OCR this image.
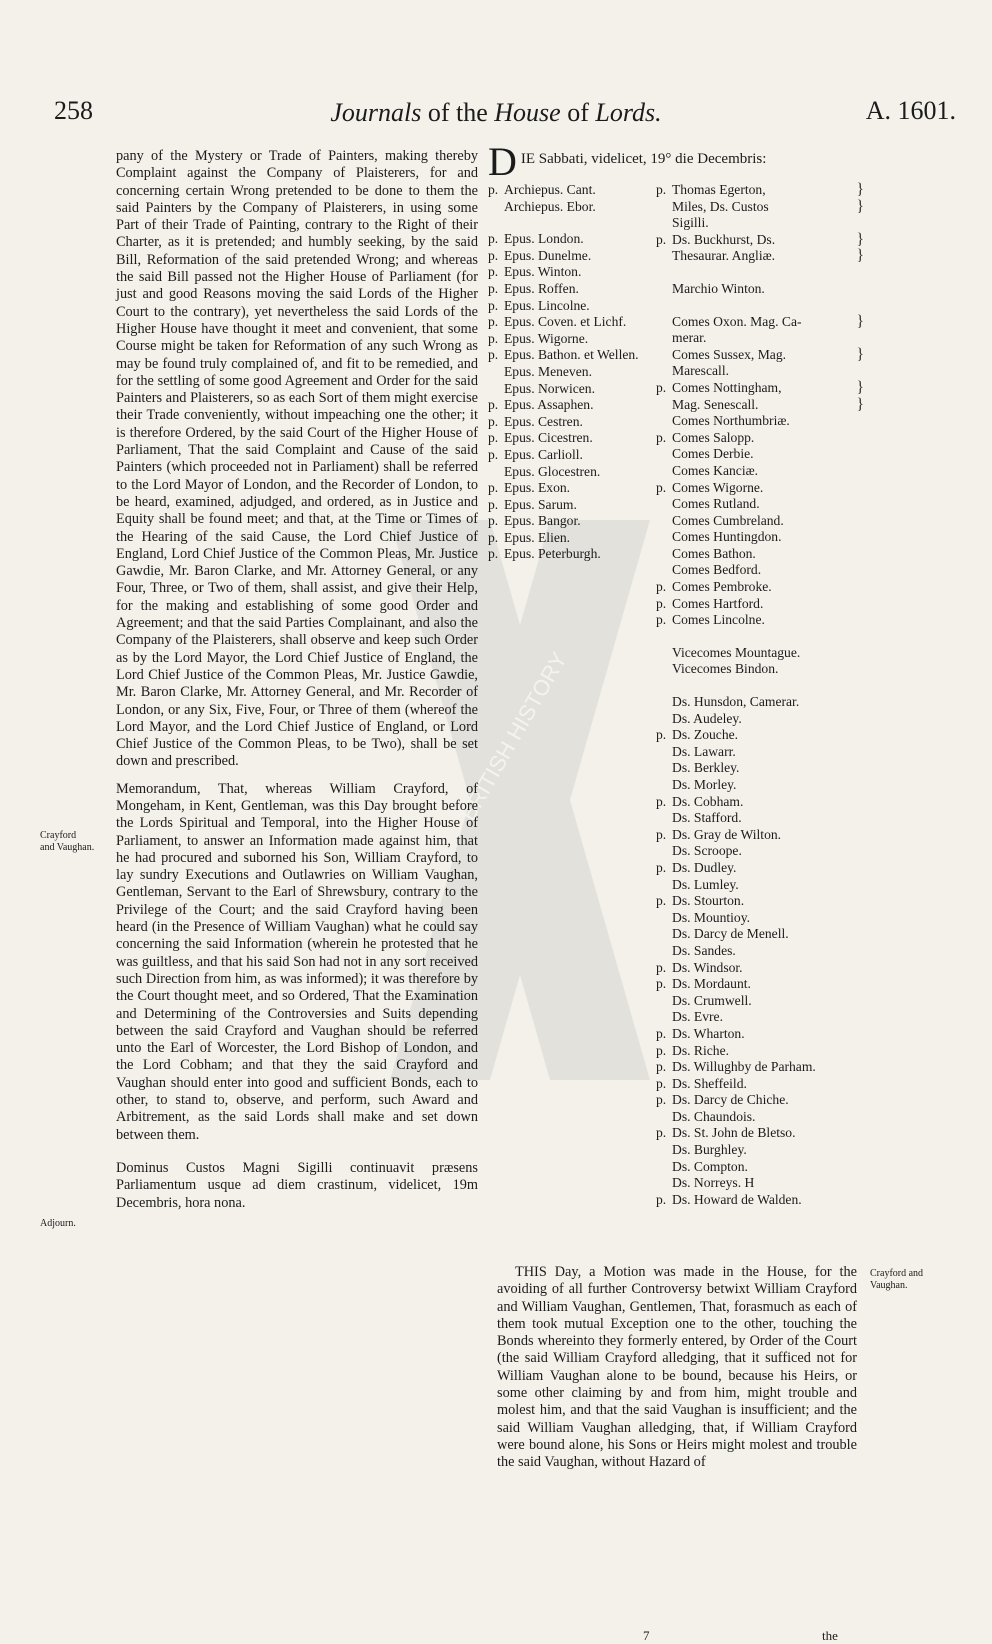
258	Journals of the House of Lords.	A. 1601.
BRITISH HISTORY

pany of the Mystery or Trade of Painters, making thereby Complaint against the Company of Plaisterers, for and concerning certain Wrong pretended to be done to them the said Painters by the Company of Plaisterers, in using some Part of their Trade of Painting, contrary to the Right of their Charter, as it is pretended; and humbly seeking, by the said Bill, Reformation of the said pretended Wrong; and whereas the said Bill passed not the Higher House of Parliament (for just and good Reasons moving the said Lords of the Higher Court to the contrary), yet nevertheless the said Lords of the Higher House have thought it meet and convenient, that some Course might be taken for Reformation of any such Wrong as may be found truly complained of, and fit to be remedied, and for the settling of some good Agreement and Order for the said Painters and Plaisterers, so as each Sort of them might exercise their Trade conveniently, without impeaching one the other; it is therefore Ordered, by the said Court of the Higher House of Parliament, That the said Complaint and Cause of the said Painters (which proceeded not in Parliament) shall be referred to the Lord Mayor of London, and the Recorder of London, to be heard, examined, adjudged, and ordered, as in Justice and Equity shall be found meet; and that, at the Time or Times of the Hearing of the said Cause, the Lord Chief Justice of England, Lord Chief Justice of the Common Pleas, Mr. Justice Gawdie, Mr. Baron Clarke, and Mr. Attorney General, or any Four, Three, or Two of them, shall assist, and give their Help, for the making and establishing of some good Order and Agreement; and that the said Parties Complainant, and also the Company of the Plaisterers, shall observe and keep such Order as by the Lord Mayor, the Lord Chief Justice of England, the Lord Chief Justice of the Common Pleas, Mr. Justice Gawdie, Mr. Baron Clarke, Mr. Attorney General, and Mr. Recorder of London, or any Six, Five, Four, or Three of them (whereof the Lord Mayor, and the Lord Chief Justice of England, or Lord Chief Justice of the Common Pleas, to be Two), shall be set down and prescribed.

Memorandum, That, whereas William Crayford, of Mongeham, in Kent, Gentleman, was this Day brought before the Lords Spiritual and Temporal, into the Higher House of Parliament, to answer an Information made against him, that he had procured and suborned his Son, William Crayford, to lay sundry Executions and Outlawries on William Vaughan, Gentleman, Servant to the Earl of Shrewsbury, contrary to the Privilege of the Court; and the said Crayford having been heard (in the Presence of William Vaughan) what he could say concerning the said Information (wherein he protested that he was guiltless, and that his said Son had not in any sort received such Direction from him, as was informed); it was therefore by the Court thought meet, and so Ordered, That the Examination and Determining of the Controversies and Suits depending between the said Crayford and Vaughan should be referred unto the Earl of Worcester, the Lord Bishop of London, and the Lord Cobham; and that they the said Crayford and Vaughan should enter into good and sufficient Bonds, each to other, to stand to, observe, and perform, such Award and Arbitrement, as the said Lords shall make and set down between them.

Dominus Custos Magni Sigilli continuavit præsens Parliamentum usque ad diem crastinum, videlicet, 19m Decembris, hora nona.

Crayford
and Vaughan.
Adjourn.
D IE Sabbati, videlicet, 19° die Decembris:
p. Archiepus. Cant.
Archiepus. Ebor.
p. Epus. London.
p. Epus. Dunelme.
p. Epus. Winton.
p. Epus. Roffen.
p. Epus. Lincolne.
p. Epus. Coven. et Lichf.
p. Epus. Wigorne.
p. Epus. Bathon. et Wellen.
Epus. Meneven.
Epus. Norwicen.
p. Epus. Assaphen.
p. Epus. Cestren.
p. Epus. Cicestren.
p. Epus. Carlioll.
Epus. Glocestren.
p. Epus. Exon.
p. Epus. Sarum.
p. Epus. Bangor.
p. Epus. Elien.
p. Epus. Peterburgh.
p. Thomas Egerton,	}
Miles, Ds. Custos	}
Sigilli.
p. Ds. Buckhurst, Ds.	}
Thesaurar. Angliæ.	}
Marchio Winton.
Comes Oxon. Mag. Ca-	}
merar.
Comes Sussex, Mag.	}
Marescall.
p. Comes Nottingham,	}
Mag. Senescall.	}
Comes Northumbriæ.
p. Comes Salopp.
Comes Derbie.
Comes Kanciæ.
p. Comes Wigorne.
Comes Rutland.
Comes Cumbreland.
Comes Huntingdon.
Comes Bathon.
Comes Bedford.
p. Comes Pembroke.
p. Comes Hartford.
p. Comes Lincolne.
Vicecomes Mountague.
Vicecomes Bindon.
Ds. Hunsdon, Camerar.
Ds. Audeley.
p. Ds. Zouche.
Ds. Lawarr.
Ds. Berkley.
Ds. Morley.
p. Ds. Cobham.
Ds. Stafford.
p. Ds. Gray de Wilton.
Ds. Scroope.
p. Ds. Dudley.
Ds. Lumley.
p. Ds. Stourton.
Ds. Mountioy.
Ds. Darcy de Menell.
Ds. Sandes.
p. Ds. Windsor.
p. Ds. Mordaunt.
Ds. Crumwell.
Ds. Evre.
p. Ds. Wharton.
p. Ds. Riche.
p. Ds. Willughby de Parham.
p. Ds. Sheffeild.
p. Ds. Darcy de Chiche.
Ds. Chaundois.
p. Ds. St. John de Bletso.
Ds. Burghley.
Ds. Compton.
Ds. Norreys. H
p. Ds. Howard de Walden.

THIS Day, a Motion was made in the House, for the avoiding of all further Controversy betwixt William Crayford and William Vaughan, Gentlemen, That, forasmuch as each of them took mutual Exception one to the other, touching the Bonds whereinto they formerly entered, by Order of the Court (the said William Crayford alledging, that it sufficed not for William Vaughan alone to be bound, because his Heirs, or some other claiming by and from him, might trouble and molest him, and that the said Vaughan is insufficient; and the said William Vaughan alledging, that, if William Crayford were bound alone, his Sons or Heirs might molest and trouble the said Vaughan, without Hazard of

Crayford and
Vaughan.
7	the
